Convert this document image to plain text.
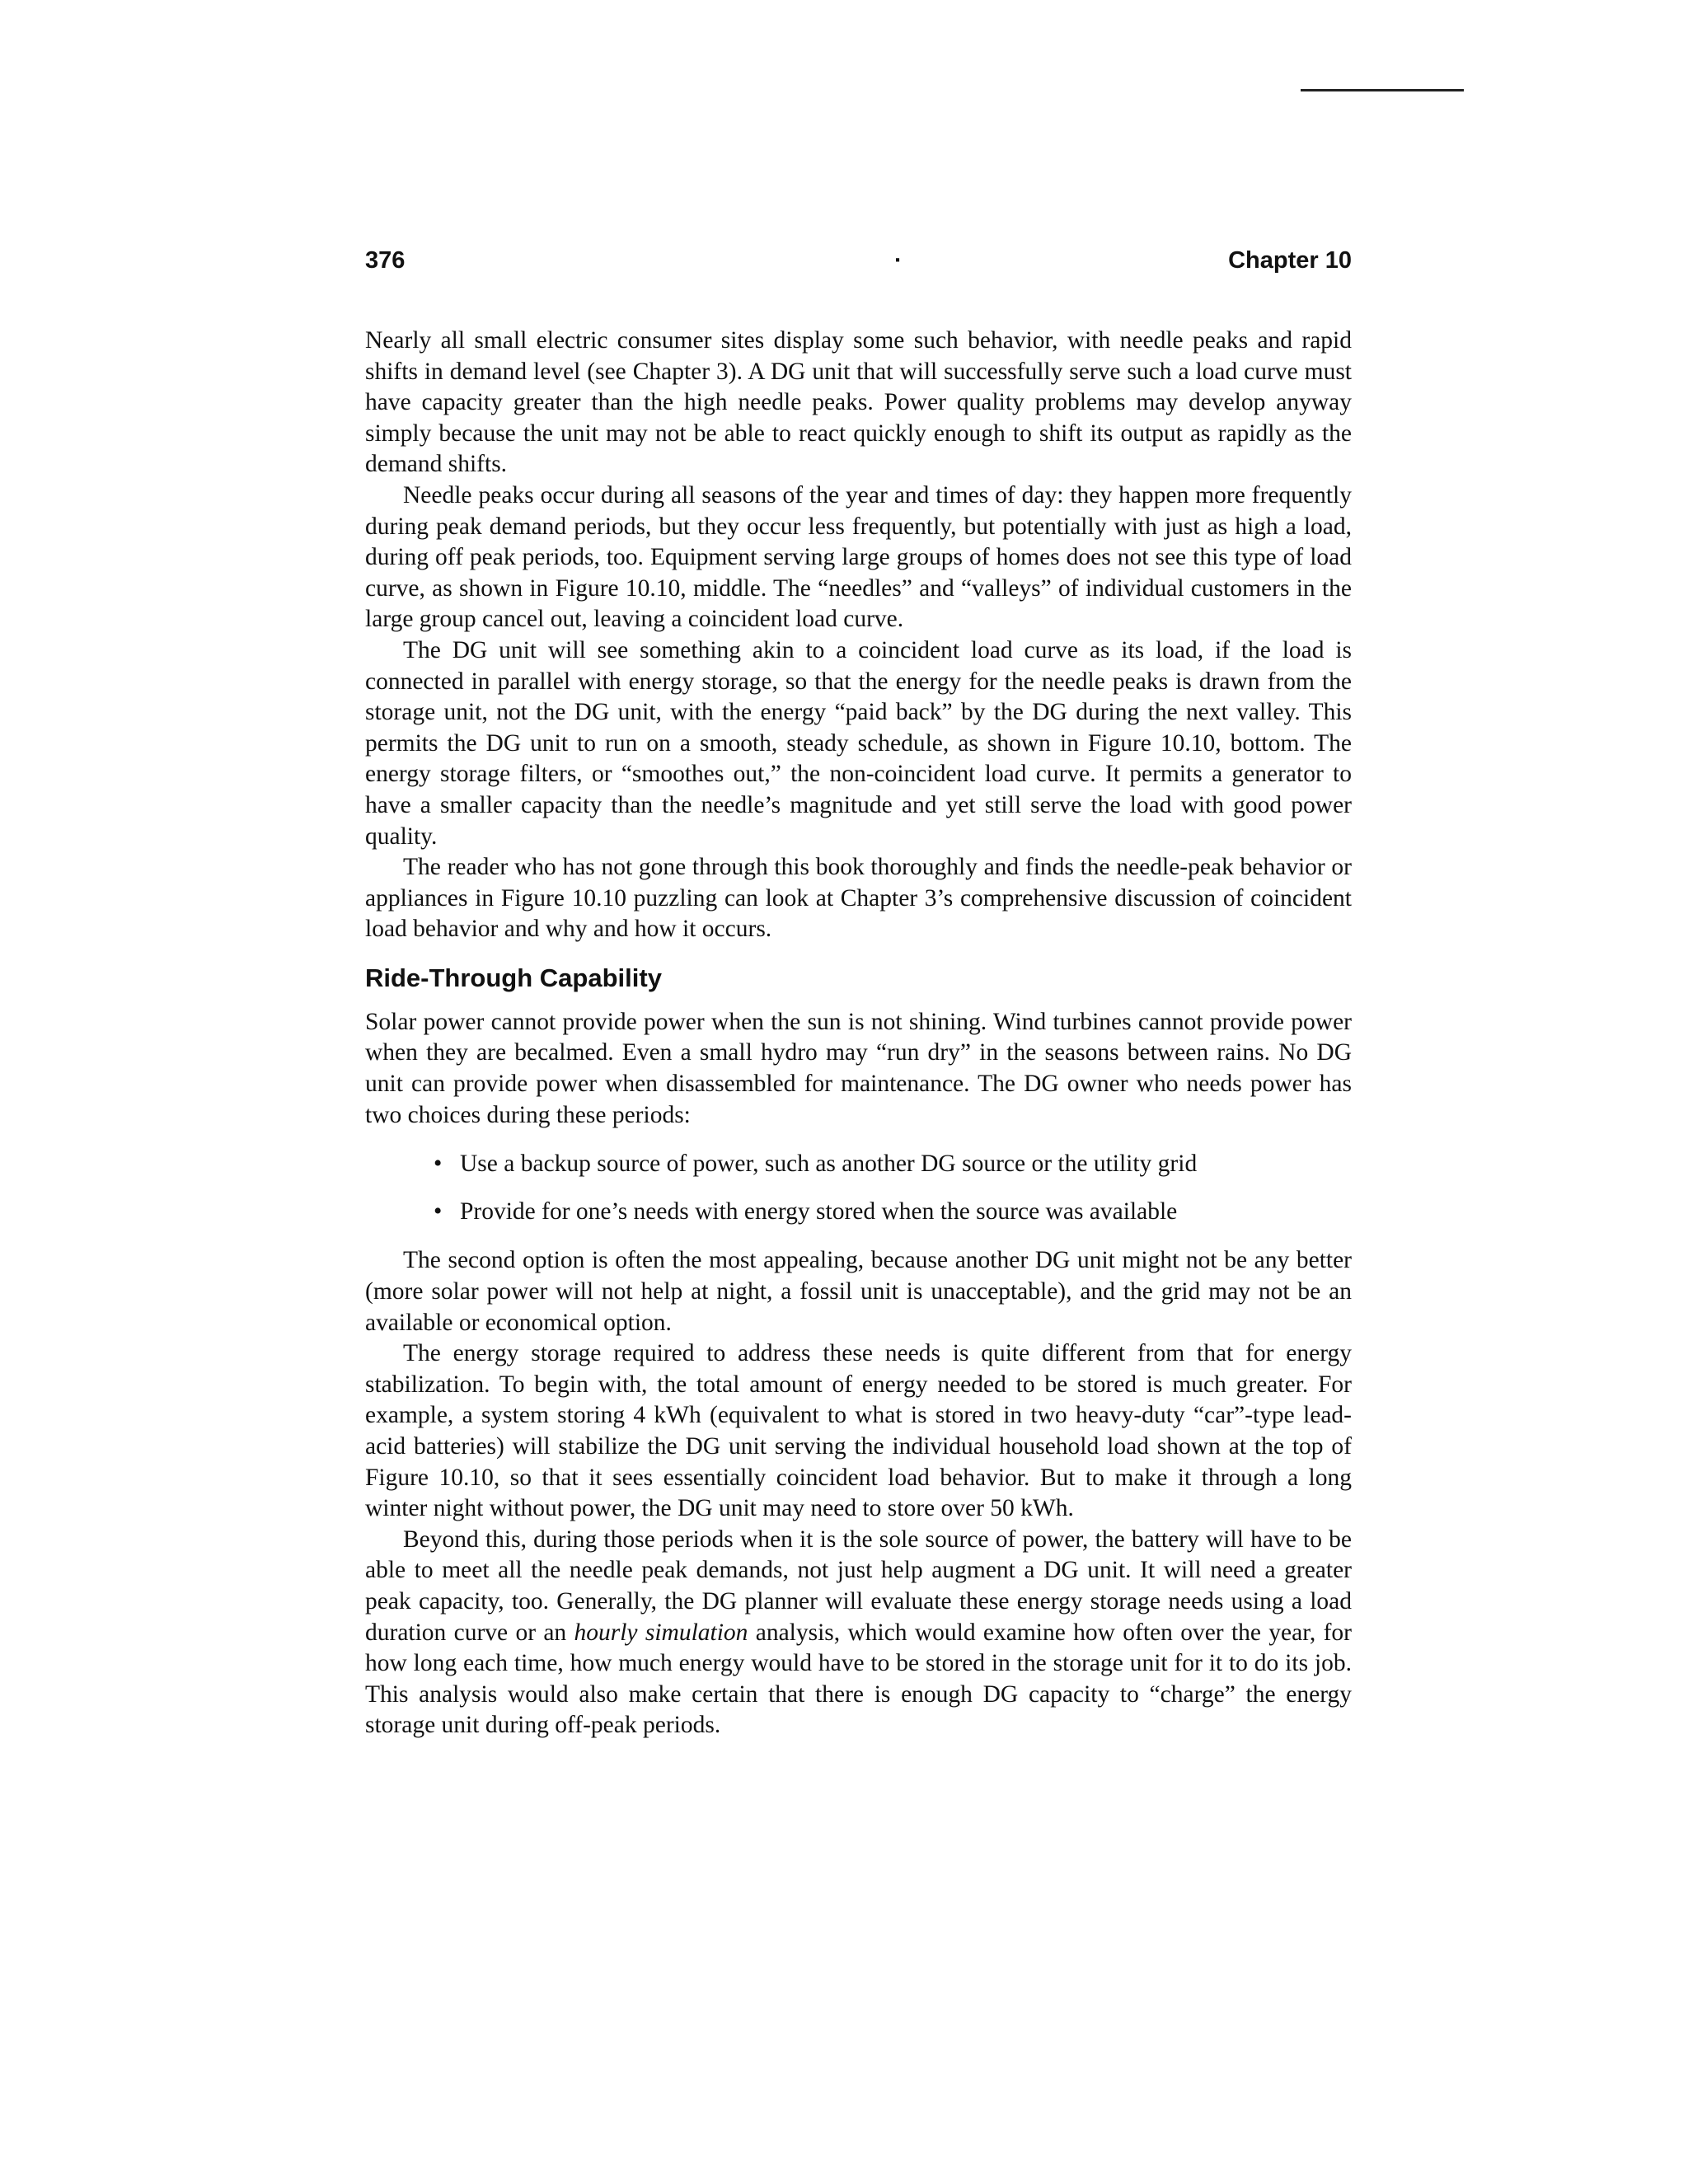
376	·	Chapter 10

Nearly all small electric consumer sites display some such behavior, with needle peaks and rapid shifts in demand level (see Chapter 3). A DG unit that will successfully serve such a load curve must have capacity greater than the high needle peaks. Power quality problems may develop anyway simply because the unit may not be able to react quickly enough to shift its output as rapidly as the demand shifts.

Needle peaks occur during all seasons of the year and times of day: they happen more frequently during peak demand periods, but they occur less frequently, but potentially with just as high a load, during off peak periods, too. Equipment serving large groups of homes does not see this type of load curve, as shown in Figure 10.10, middle. The “needles” and “valleys” of individual customers in the large group cancel out, leaving a coincident load curve.

The DG unit will see something akin to a coincident load curve as its load, if the load is connected in parallel with energy storage, so that the energy for the needle peaks is drawn from the storage unit, not the DG unit, with the energy “paid back” by the DG during the next valley. This permits the DG unit to run on a smooth, steady schedule, as shown in Figure 10.10, bottom. The energy storage filters, or “smoothes out,” the non-coincident load curve. It permits a generator to have a smaller capacity than the needle’s magnitude and yet still serve the load with good power quality.

The reader who has not gone through this book thoroughly and finds the needle-peak behavior or appliances in Figure 10.10 puzzling can look at Chapter 3’s comprehensive discussion of coincident load behavior and why and how it occurs.

Ride-Through Capability

Solar power cannot provide power when the sun is not shining. Wind turbines cannot provide power when they are becalmed. Even a small hydro may “run dry” in the seasons between rains. No DG unit can provide power when disassembled for maintenance. The DG owner who needs power has two choices during these periods:

• Use a backup source of power, such as another DG source or the utility grid
• Provide for one’s needs with energy stored when the source was available

The second option is often the most appealing, because another DG unit might not be any better (more solar power will not help at night, a fossil unit is unacceptable), and the grid may not be an available or economical option.

The energy storage required to address these needs is quite different from that for energy stabilization. To begin with, the total amount of energy needed to be stored is much greater. For example, a system storing 4 kWh (equivalent to what is stored in two heavy-duty “car”-type lead-acid batteries) will stabilize the DG unit serving the individual household load shown at the top of Figure 10.10, so that it sees essentially coincident load behavior. But to make it through a long winter night without power, the DG unit may need to store over 50 kWh.

Beyond this, during those periods when it is the sole source of power, the battery will have to be able to meet all the needle peak demands, not just help augment a DG unit. It will need a greater peak capacity, too. Generally, the DG planner will evaluate these energy storage needs using a load duration curve or an hourly simulation analysis, which would examine how often over the year, for how long each time, how much energy would have to be stored in the storage unit for it to do its job. This analysis would also make certain that there is enough DG capacity to “charge” the energy storage unit during off-peak periods.
